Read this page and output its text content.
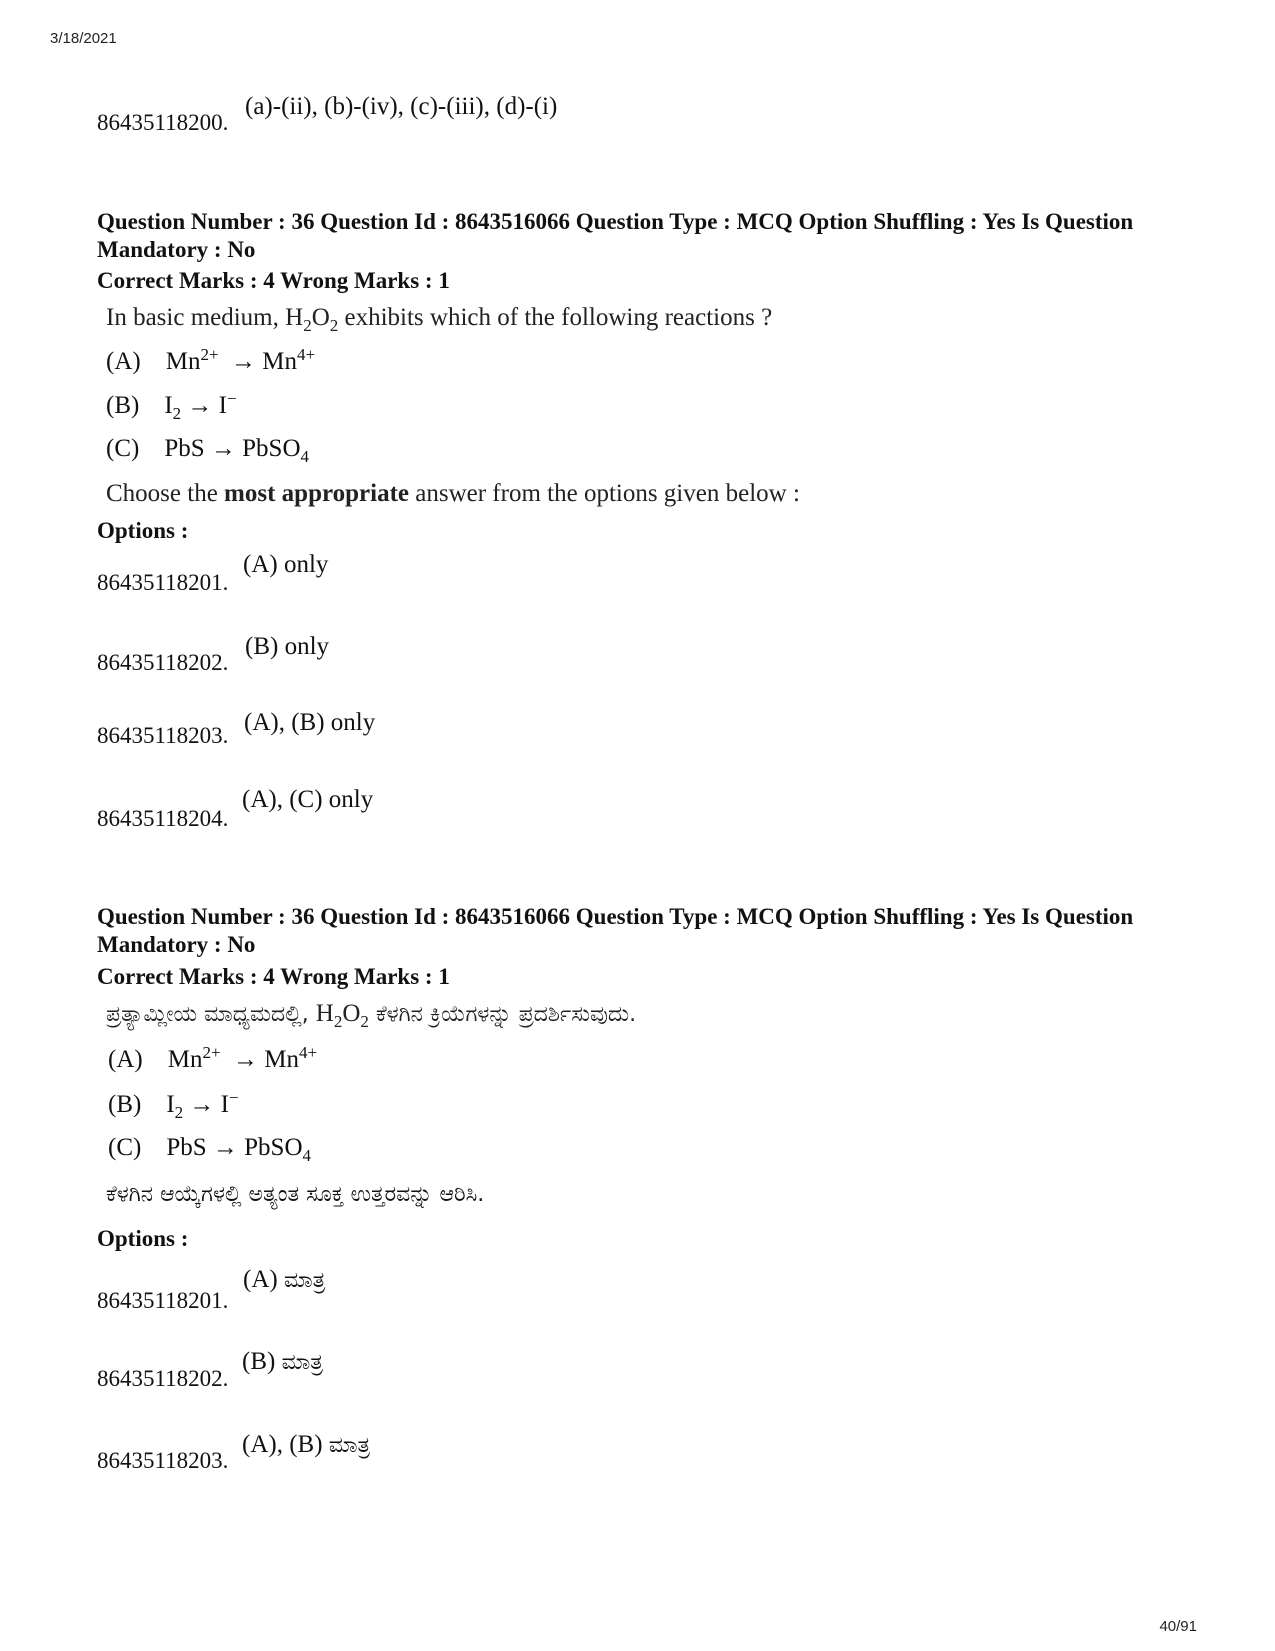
3/18/2021
86435118200.
(a)-(ii), (b)-(iv), (c)-(iii), (d)-(i)
Question Number : 36 Question Id : 8643516066 Question Type : MCQ Option Shuffling : Yes Is Question Mandatory : No
Correct Marks : 4 Wrong Marks : 1
In basic medium, $H_2O_2$ exhibits which of the following reactions ?
(A) $Mn^{2+} \to Mn^{4+}$
(B) $I_2 \to I^-$
(C) PbS → PbSO$_4$
Choose the most appropriate answer from the options given below :
Options :
86435118201.
(A) only
86435118202.
(B) only
86435118203. (A), (B) only
86435118204.
(A), (C) only
Question Number : 36 Question Id : 8643516066 Question Type : MCQ Option Shuffling : Yes Is Question Mandatory : No
Correct Marks : 4 Wrong Marks : 1
ಪ್ರತ್ಯಾಮ್ಲೀಯ ಮಾಧ್ಯಮದಲ್ಲಿ, $H_2O_2$ ಕೆಳಗಿನ ಕ್ರಿಯೆಗಳನ್ನು ಪ್ರದರ್ಶಿಸುವುದು.
(A) $Mn^{2+} \to Mn^{4+}$
(B) $I_2 \to I^-$
(C) PbS → PbSO$_4$
ಕೆಳಗಿನ ಆಯ್ಕೆಗಳಲ್ಲಿ ಅತ್ಯಂತ ಸೂಕ್ತ ಉತ್ತರವನ್ನು ಆರಿಸಿ.
Options :
86435118201.
(A) ಮಾತ್ರ
86435118202.
(B) ಮಾತ್ರ
86435118203.
(A), (B) ಮಾತ್ರ
40/91
